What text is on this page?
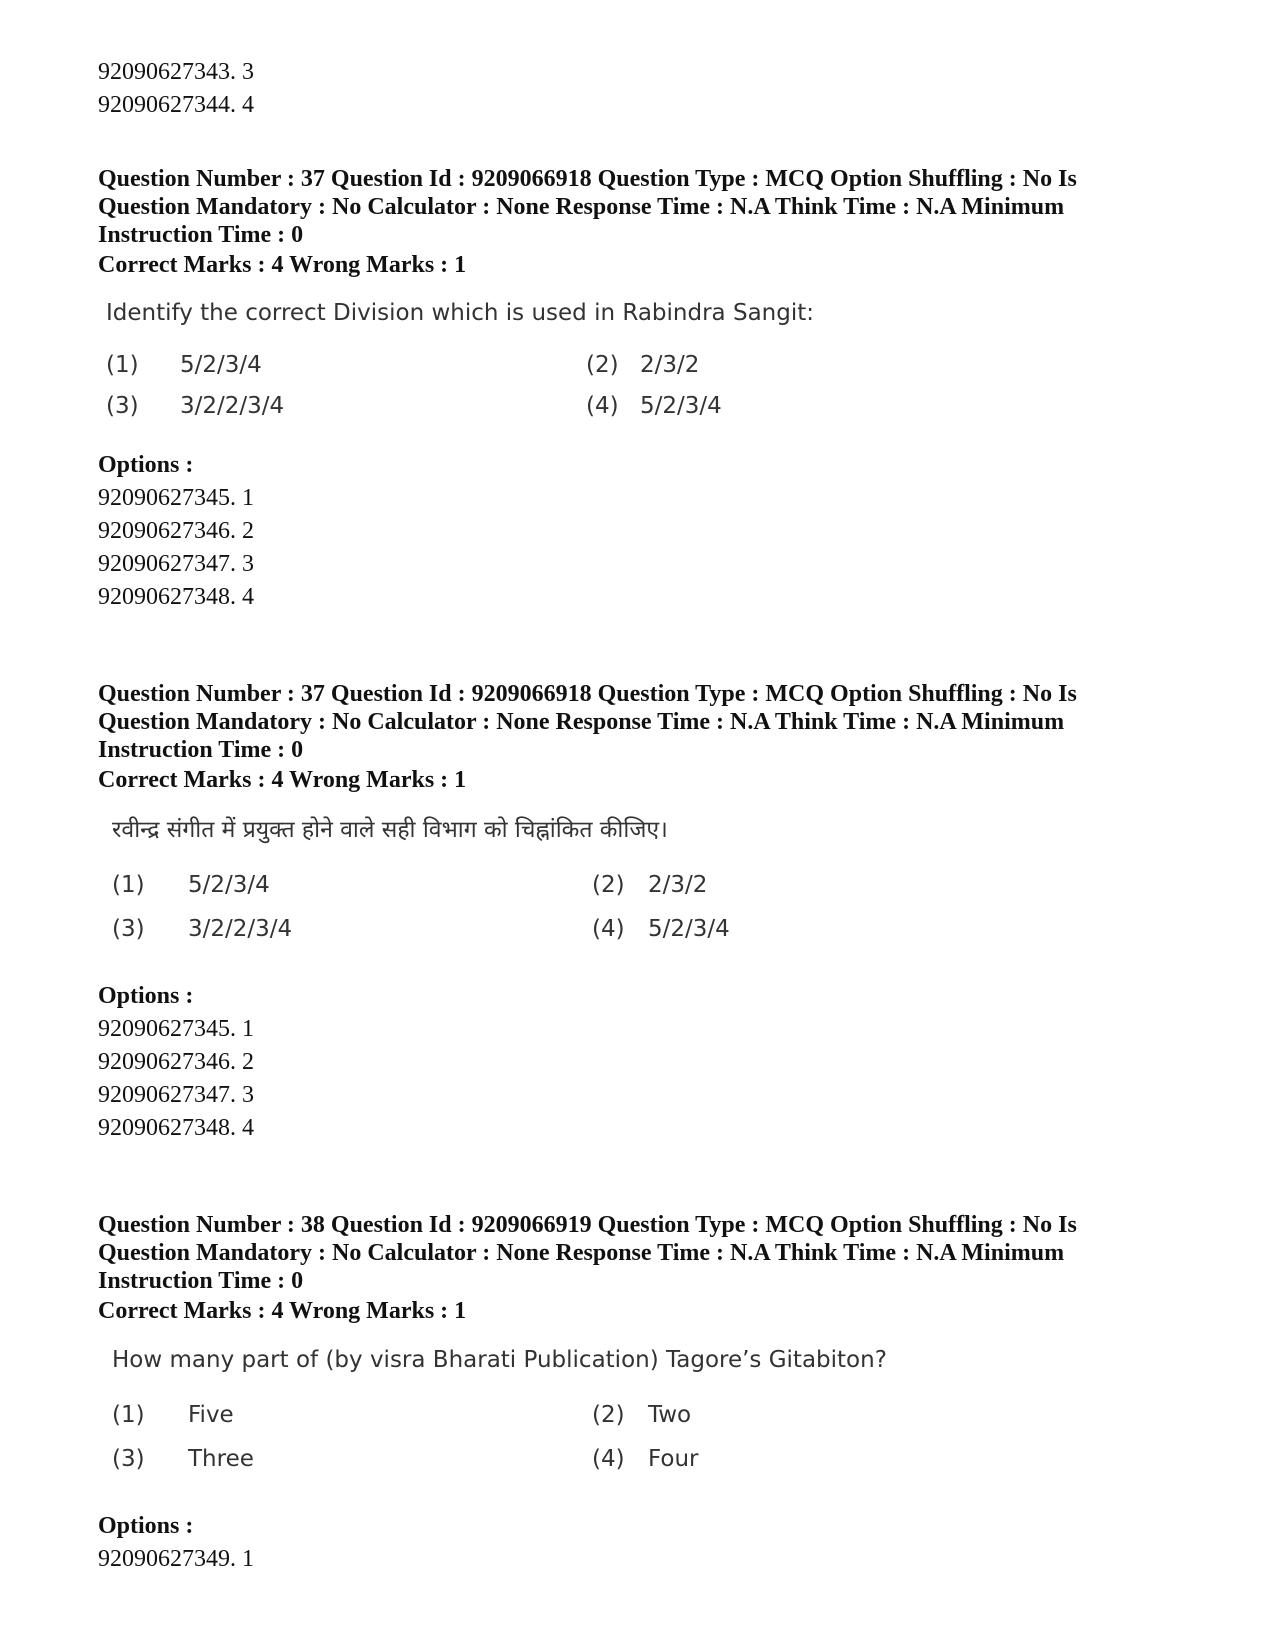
92090627343. 3
92090627344. 4
Question Number : 37 Question Id : 9209066918 Question Type : MCQ Option Shuffling : No Is
Question Mandatory : No Calculator : None Response Time : N.A Think Time : N.A Minimum
Instruction Time : 0
Correct Marks : 4 Wrong Marks : 1
Identify the correct Division which is used in Rabindra Sangit:
(1) 5/2/3/4	(2) 2/3/2
(3) 3/2/2/3/4	(4) 5/2/3/4
Options :
92090627345. 1
92090627346. 2
92090627347. 3
92090627348. 4
Question Number : 37 Question Id : 9209066918 Question Type : MCQ Option Shuffling : No Is
Question Mandatory : No Calculator : None Response Time : N.A Think Time : N.A Minimum
Instruction Time : 0
Correct Marks : 4 Wrong Marks : 1
रवीन्द्र संगीत में प्रयुक्त होने वाले सही विभाग को चिह्नांकित कीजिए।
(1) 5/2/3/4	(2) 2/3/2
(3) 3/2/2/3/4	(4) 5/2/3/4
Options :
92090627345. 1
92090627346. 2
92090627347. 3
92090627348. 4
Question Number : 38 Question Id : 9209066919 Question Type : MCQ Option Shuffling : No Is
Question Mandatory : No Calculator : None Response Time : N.A Think Time : N.A Minimum
Instruction Time : 0
Correct Marks : 4 Wrong Marks : 1
How many part of (by visra Bharati Publication) Tagore’s Gitabiton?
(1) Five	(2) Two
(3) Three	(4) Four
Options :
92090627349. 1
